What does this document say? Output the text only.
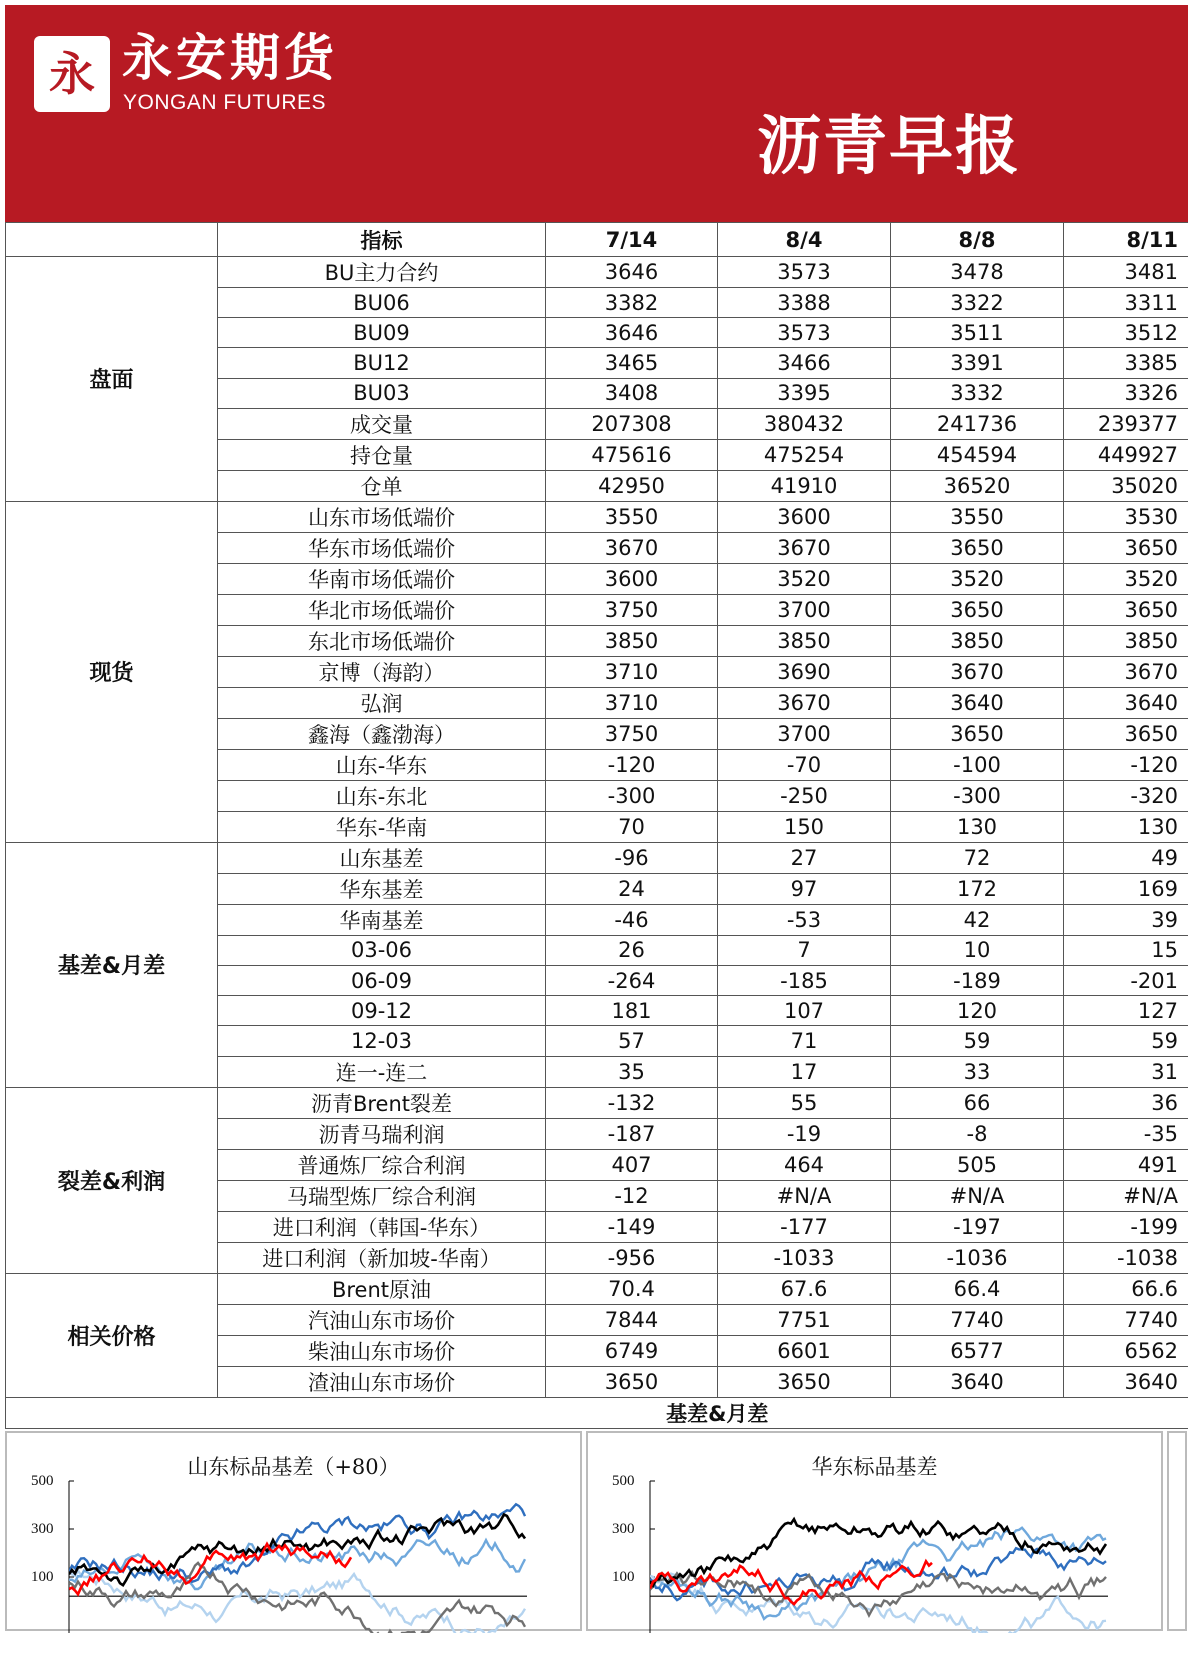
永 永安期货
YONGAN FUTURES
沥青早报
	指标	7/14	8/4	8/8	8/11
盘面	BU主力合约	3646	3573	3478	3481
	BU06	3382	3388	3322	3311
	BU09	3646	3573	3511	3512
	BU12	3465	3466	3391	3385
	BU03	3408	3395	3332	3326
	成交量	207308	380432	241736	239377
	持仓量	475616	475254	454594	449927
	仓单	42950	41910	36520	35020
现货	山东市场低端价	3550	3600	3550	3530
	华东市场低端价	3670	3670	3650	3650
	华南市场低端价	3600	3520	3520	3520
	华北市场低端价	3750	3700	3650	3650
	东北市场低端价	3850	3850	3850	3850
	京博（海韵）	3710	3690	3670	3670
	弘润	3710	3670	3640	3640
	鑫海（鑫渤海）	3750	3700	3650	3650
	山东-华东	-120	-70	-100	-120
	山东-东北	-300	-250	-300	-320
	华东-华南	70	150	130	130
基差&月差	山东基差	-96	27	72	49
	华东基差	24	97	172	169
	华南基差	-46	-53	42	39
	03-06	26	7	10	15
	06-09	-264	-185	-189	-201
	09-12	181	107	120	127
	12-03	57	71	59	59
	连一-连二	35	17	33	31
裂差&利润	沥青Brent裂差	-132	55	66	36
	沥青马瑞利润	-187	-19	-8	-35
	普通炼厂综合利润	407	464	505	491
	马瑞型炼厂综合利润	-12	#N/A	#N/A	#N/A
	进口利润（韩国-华东）	-149	-177	-197	-199
	进口利润（新加坡-华南）	-956	-1033	-1036	-1038
相关价格	Brent原油	70.4	67.6	66.4	66.6
	汽油山东市场价	7844	7751	7740	7740
	柴油山东市场价	6749	6601	6577	6562
	渣油山东市场价	3650	3650	3640	3640
基差&月差					
山东标品基差（+80）
500
300
100
华东标品基差
500
300
100
